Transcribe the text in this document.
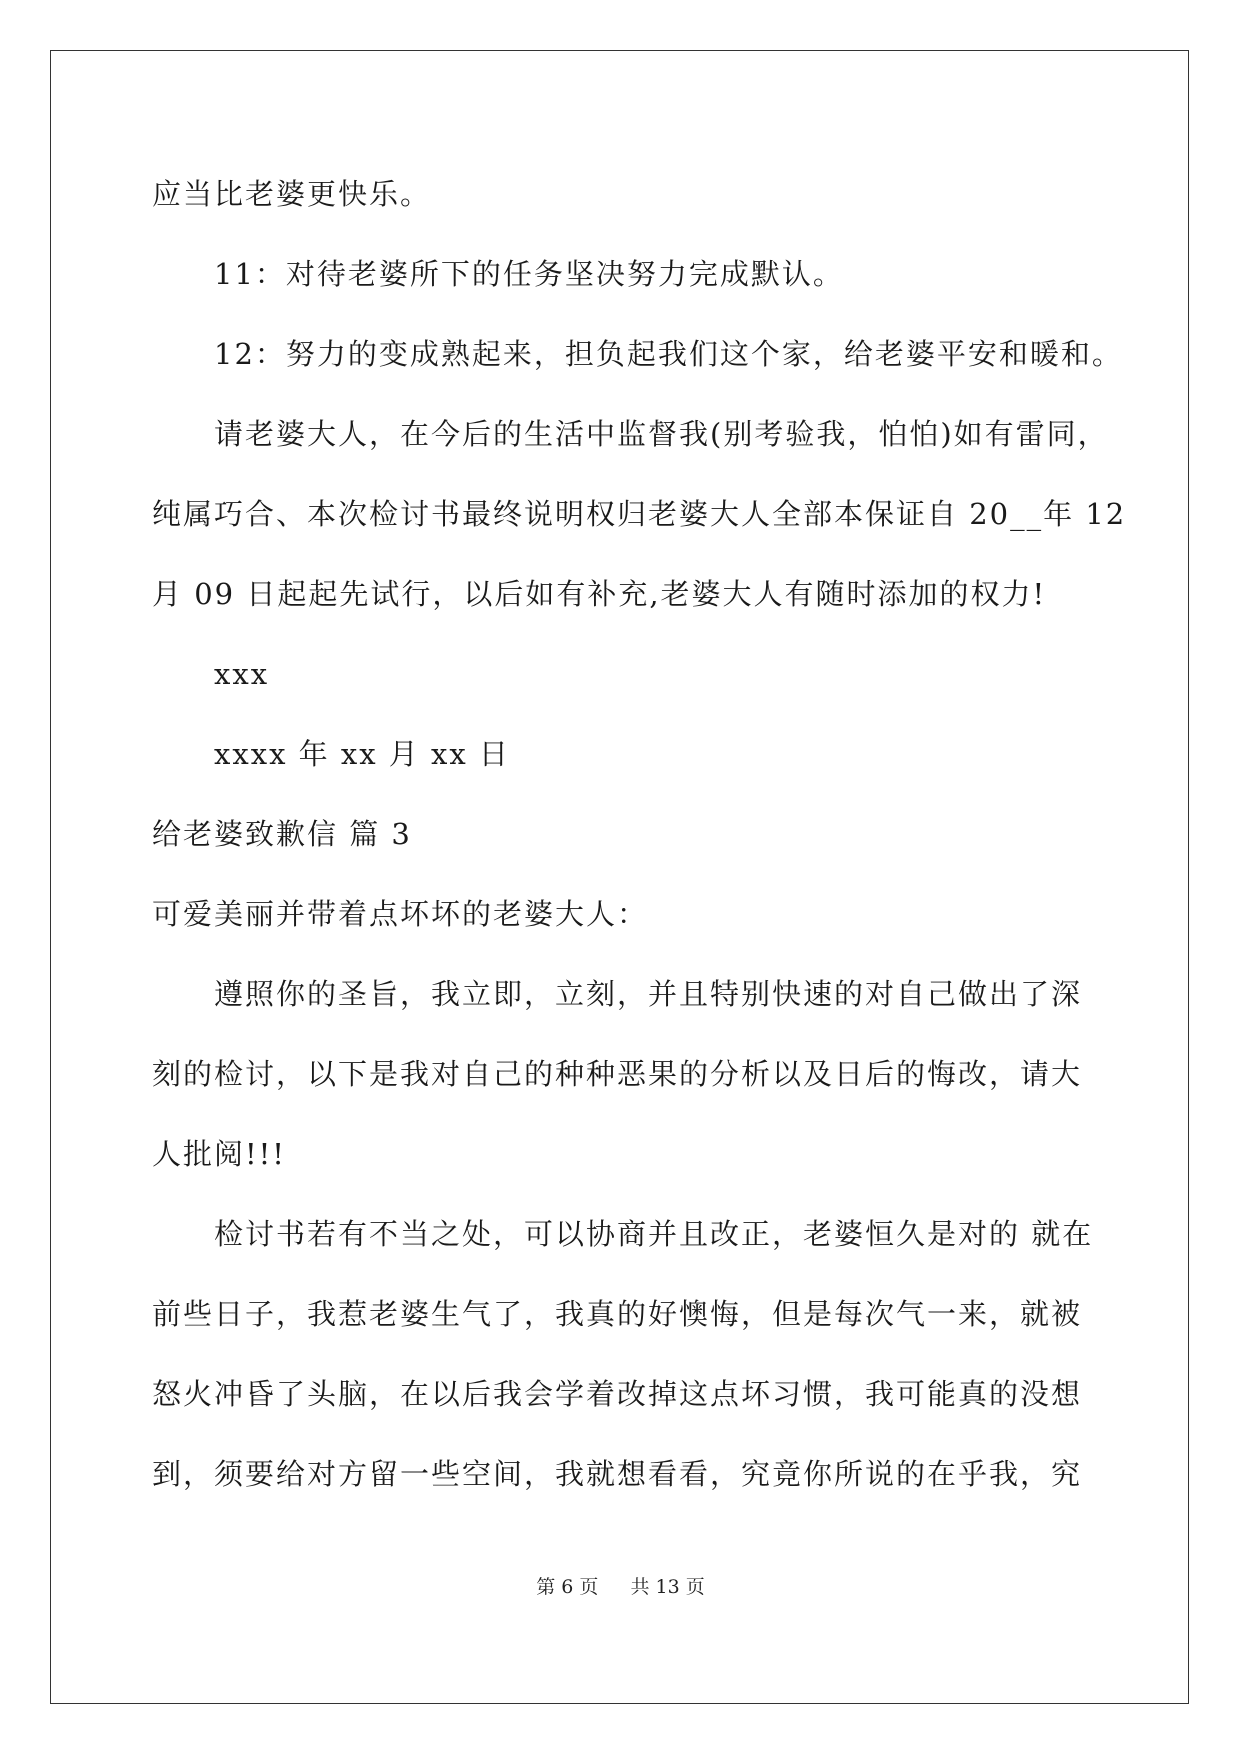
应当比老婆更快乐。
11：对待老婆所下的任务坚决努力完成默认。
12：努力的变成熟起来，担负起我们这个家，给老婆平安和暖和。
请老婆大人，在今后的生活中监督我(别考验我，怕怕)如有雷同，
纯属巧合、本次检讨书最终说明权归老婆大人全部本保证自 20__年 12
月 09 日起起先试行，以后如有补充,老婆大人有随时添加的权力!
xxx
xxxx 年 xx 月 xx 日
给老婆致歉信 篇 3
可爱美丽并带着点坏坏的老婆大人：
遵照你的圣旨，我立即，立刻，并且特别快速的对自己做出了深
刻的检讨，以下是我对自己的种种恶果的分析以及日后的悔改，请大
人批阅!!!
检讨书若有不当之处，可以协商并且改正，老婆恒久是对的 就在
前些日子，我惹老婆生气了，我真的好懊悔，但是每次气一来，就被
怒火冲昏了头脑，在以后我会学着改掉这点坏习惯，我可能真的没想
到，须要给对方留一些空间，我就想看看，究竟你所说的在乎我，究
第 6 页 共 13 页
